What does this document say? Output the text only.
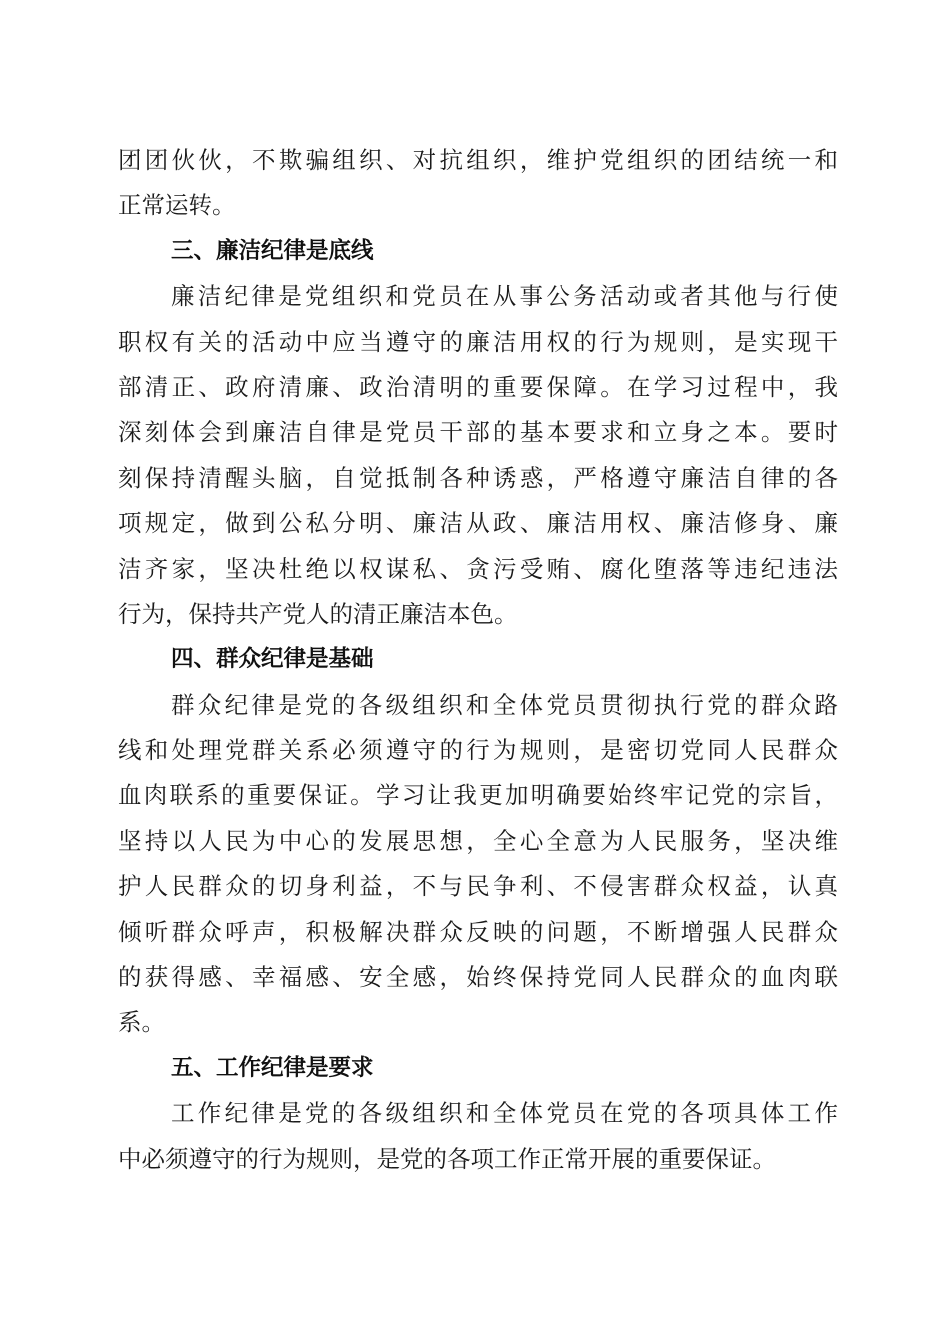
团团伙伙，不欺骗组织、对抗组织，维护党组织的团结统一和
正常运转。
三、廉洁纪律是底线
廉洁纪律是党组织和党员在从事公务活动或者其他与行使
职权有关的活动中应当遵守的廉洁用权的行为规则，是实现干
部清正、政府清廉、政治清明的重要保障。在学习过程中，我
深刻体会到廉洁自律是党员干部的基本要求和立身之本。要时
刻保持清醒头脑，自觉抵制各种诱惑，严格遵守廉洁自律的各
项规定，做到公私分明、廉洁从政、廉洁用权、廉洁修身、廉
洁齐家，坚决杜绝以权谋私、贪污受贿、腐化堕落等违纪违法
行为，保持共产党人的清正廉洁本色。
四、群众纪律是基础
群众纪律是党的各级组织和全体党员贯彻执行党的群众路
线和处理党群关系必须遵守的行为规则，是密切党同人民群众
血肉联系的重要保证。学习让我更加明确要始终牢记党的宗旨，
坚持以人民为中心的发展思想，全心全意为人民服务，坚决维
护人民群众的切身利益，不与民争利、不侵害群众权益，认真
倾听群众呼声，积极解决群众反映的问题，不断增强人民群众
的获得感、幸福感、安全感，始终保持党同人民群众的血肉联
系。
五、工作纪律是要求
工作纪律是党的各级组织和全体党员在党的各项具体工作
中必须遵守的行为规则，是党的各项工作正常开展的重要保证。
